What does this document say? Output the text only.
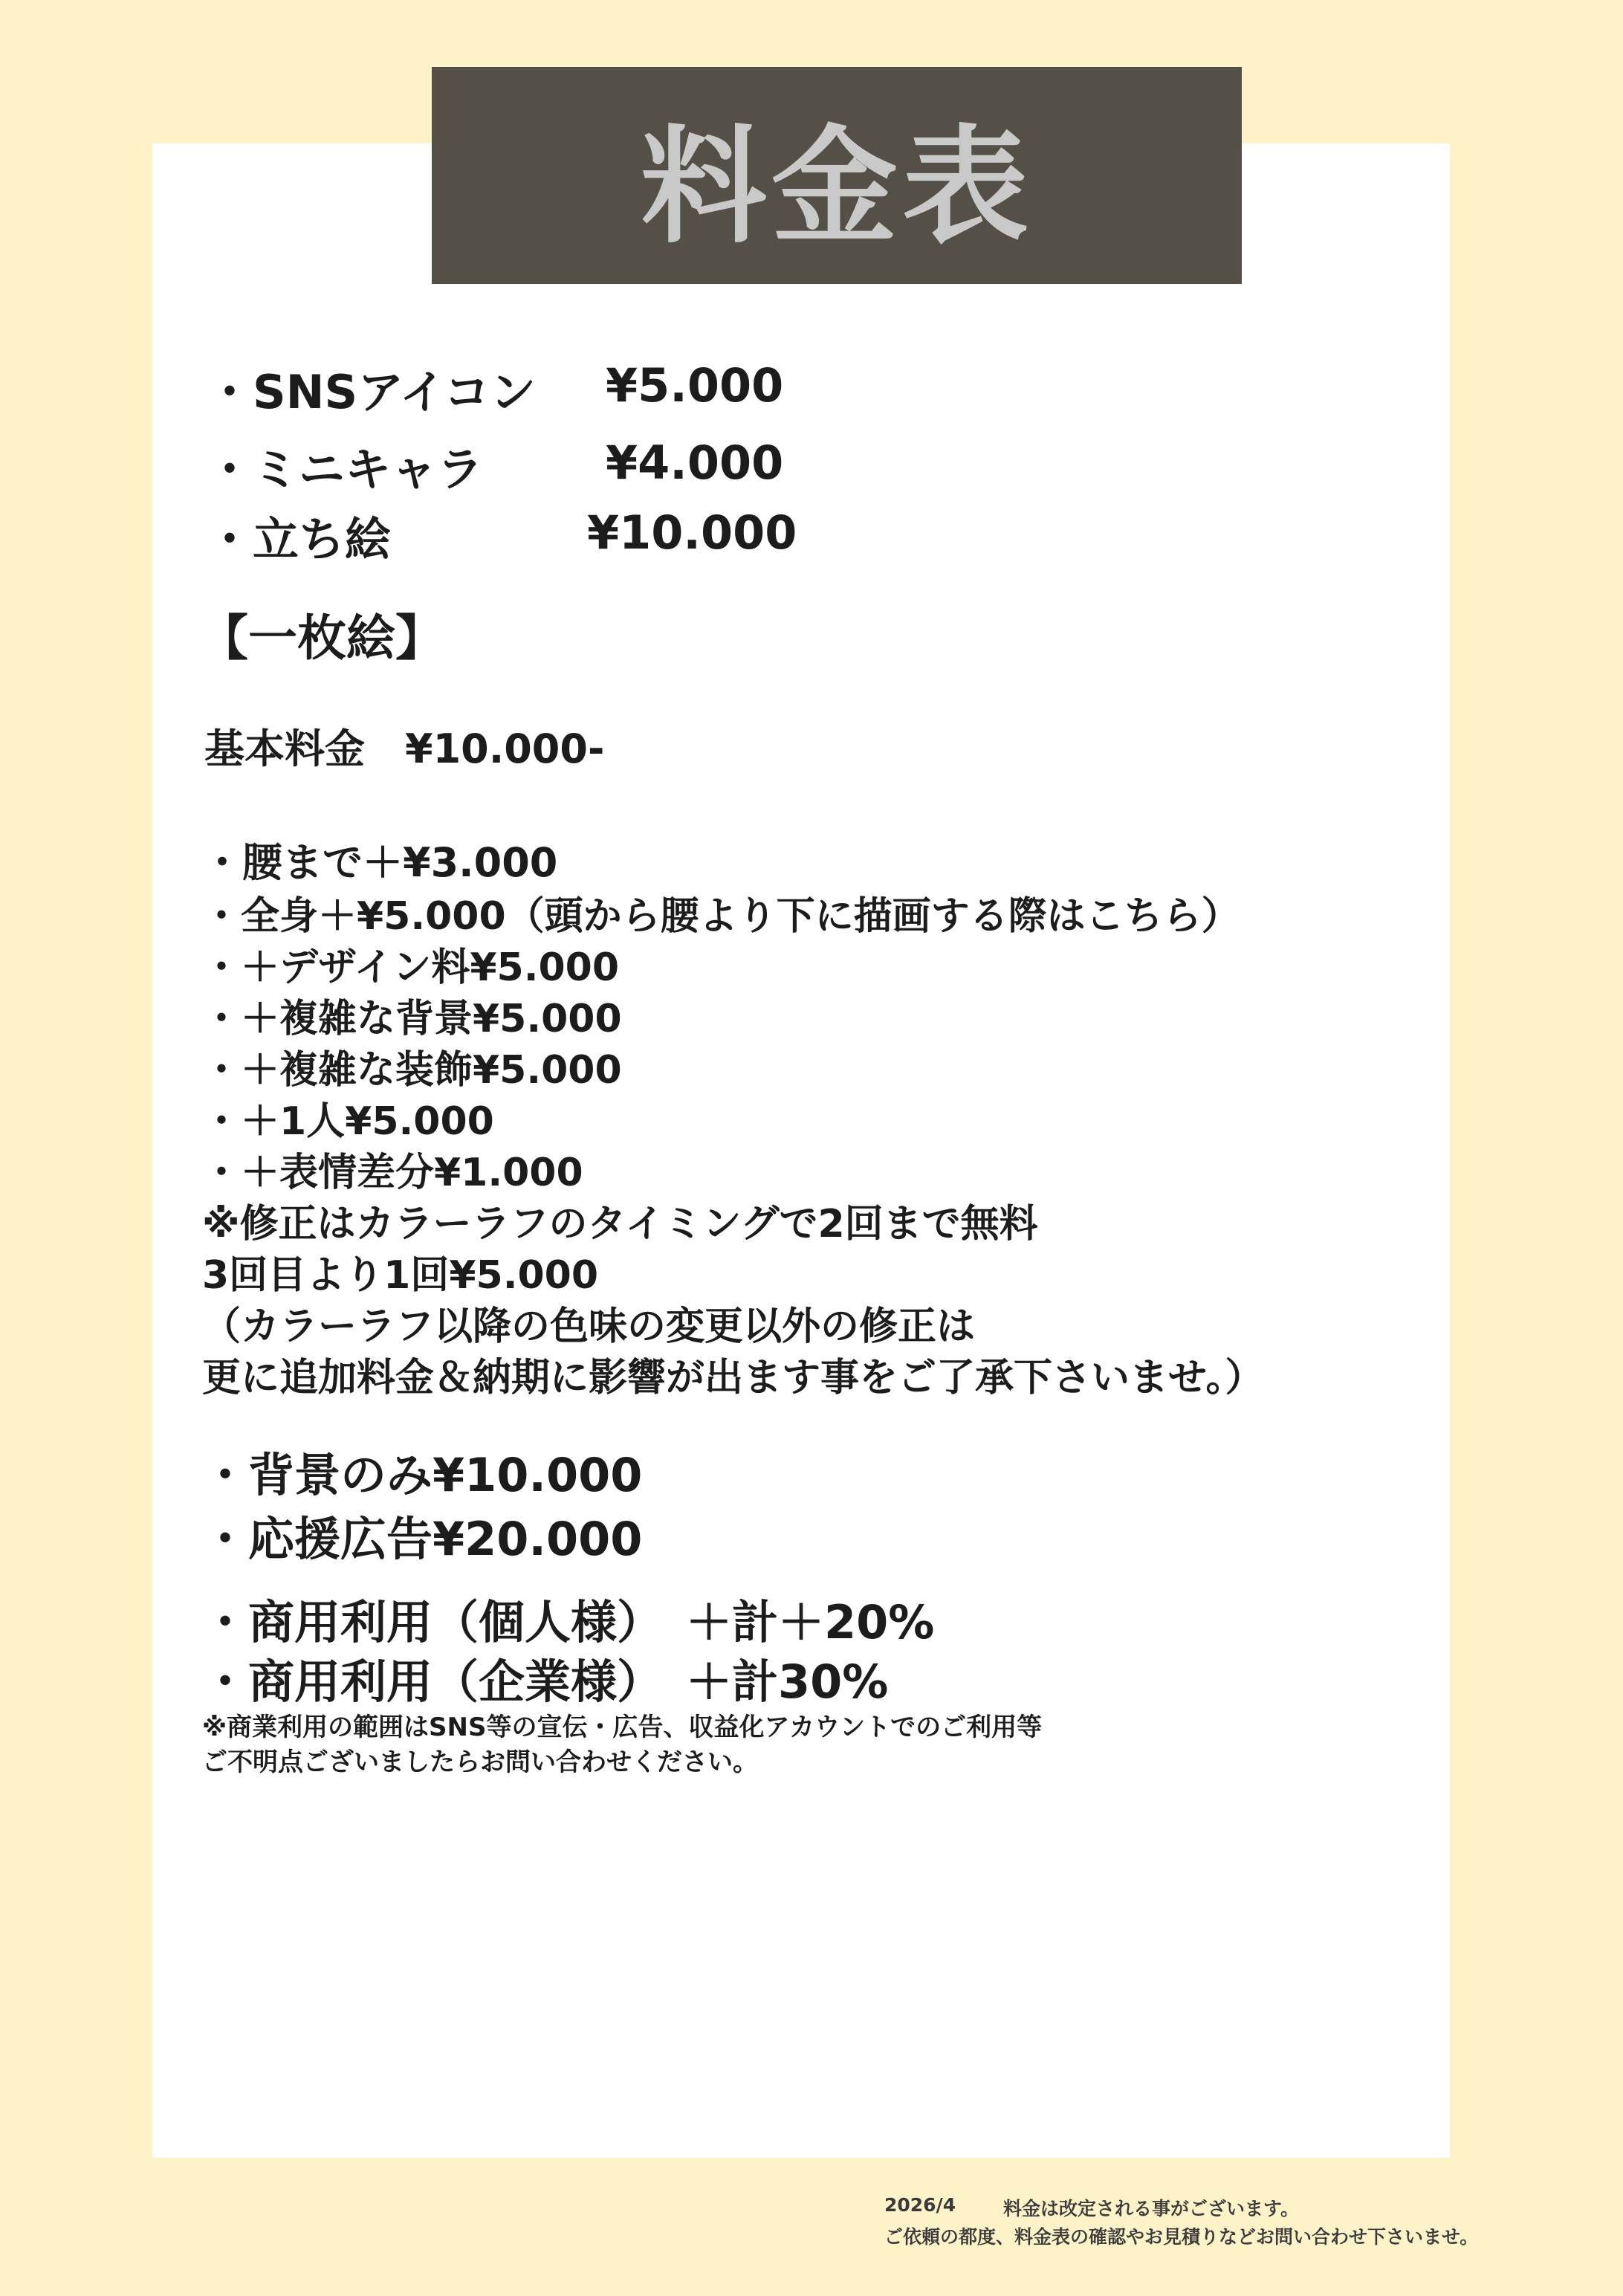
料金表
・SNSアイコン ¥5.000
・ミニキャラ	¥4.000
・立ち絵	¥10.000
【一枚絵】
基本料金　¥10.000-
・腰まで＋¥3.000
・全身＋¥5.000（頭から腰より下に描画する際はこちら）
・＋デザイン料¥5.000
・＋複雑な背景¥5.000
・＋複雑な装飾¥5.000
・＋1人¥5.000
・＋表情差分¥1.000
※修正はカラーラフのタイミングで2回まで無料
3回目より1回¥5.000
（カラーラフ以降の色味の変更以外の修正は
更に追加料金＆納期に影響が出ます事をご了承下さいませ。）
・背景のみ¥10.000
・応援広告¥20.000
・商用利用（個人様）　＋計＋20%
・商用利用（企業様）　＋計30%
※商業利用の範囲はSNS等の宣伝・広告、収益化アカウントでのご利用等
ご不明点ございましたらお問い合わせください。
2026/4	料金は改定される事がございます。
ご依頼の都度、料金表の確認やお見積りなどお問い合わせ下さいませ。
